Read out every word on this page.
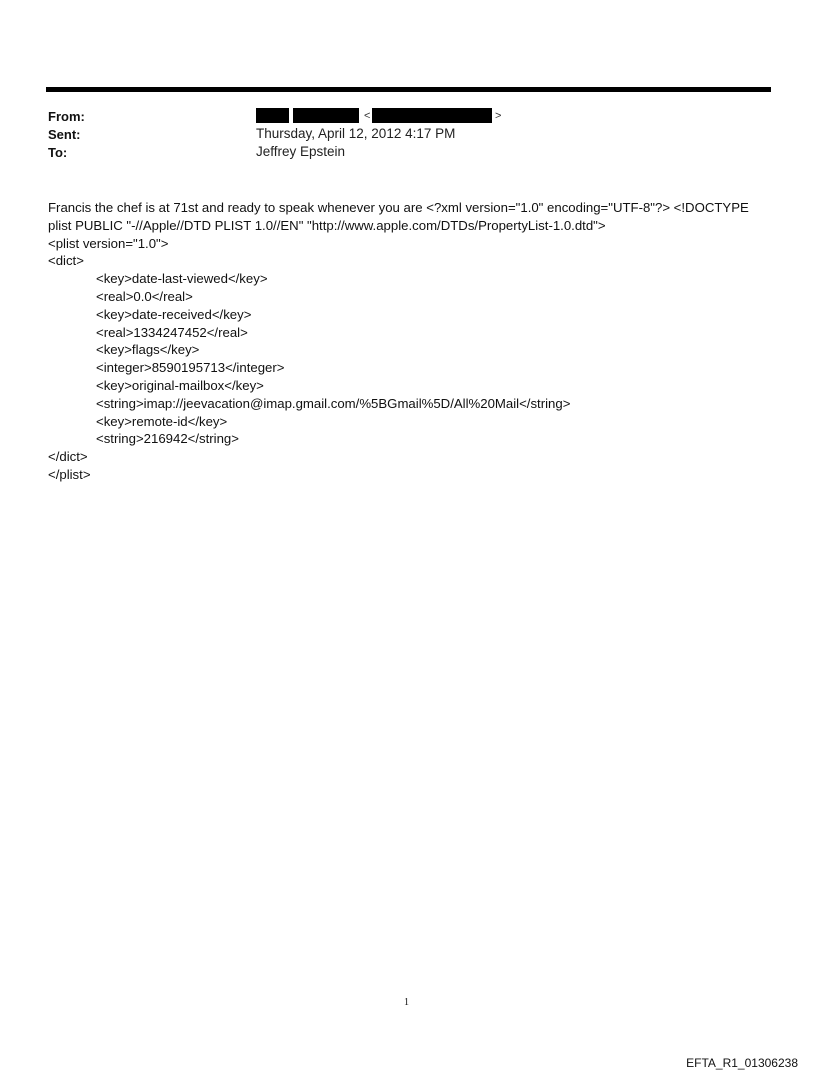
From:	<	>
Sent:	Thursday, April 12, 2012 4:17 PM
To:	Jeffrey Epstein
Francis the chef is at 71st and ready to speak whenever you are <?xml version="1.0" encoding="UTF-8"?> <!DOCTYPE
plist PUBLIC "-//Apple//DTD PLIST 1.0//EN" "http://www.apple.com/DTDs/PropertyList-1.0.dtd">
<plist version="1.0">
<dict>
<key>date-last-viewed</key>
<real>0.0</real>
<key>date-received</key>
<real>1334247452</real>
<key>flags</key>
<integer>8590195713</integer>
<key>original-mailbox</key>
<string>imap://jeevacation@imap.gmail.com/%5BGmail%5D/All%20Mail</string>
<key>remote-id</key>
<string>216942</string>
</dict>
</plist>
1
EFTA_R1_01306238
